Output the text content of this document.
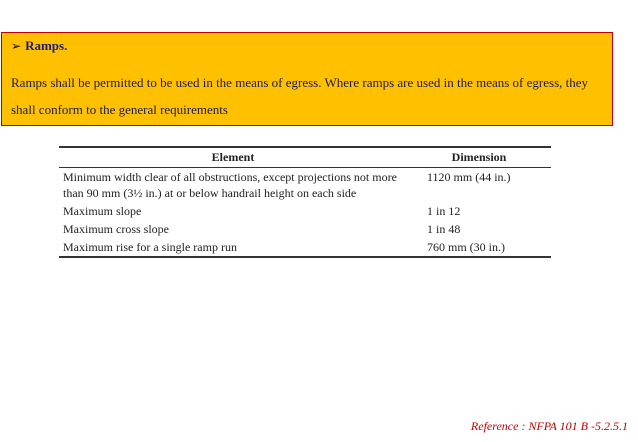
➢ Ramps.
Ramps shall be permitted to be used in the means of egress. Where ramps are used in the means of egress, they shall conform to the general requirements
Element	Dimension
Minimum width clear of all obstructions, except projections not more than 90 mm (3½ in.) at or below handrail height on each side	1120 mm (44 in.)
Maximum slope	1 in 12
Maximum cross slope	1 in 48
Maximum rise for a single ramp run	760 mm (30 in.)
Reference : NFPA 101 B -5.2.5.1
